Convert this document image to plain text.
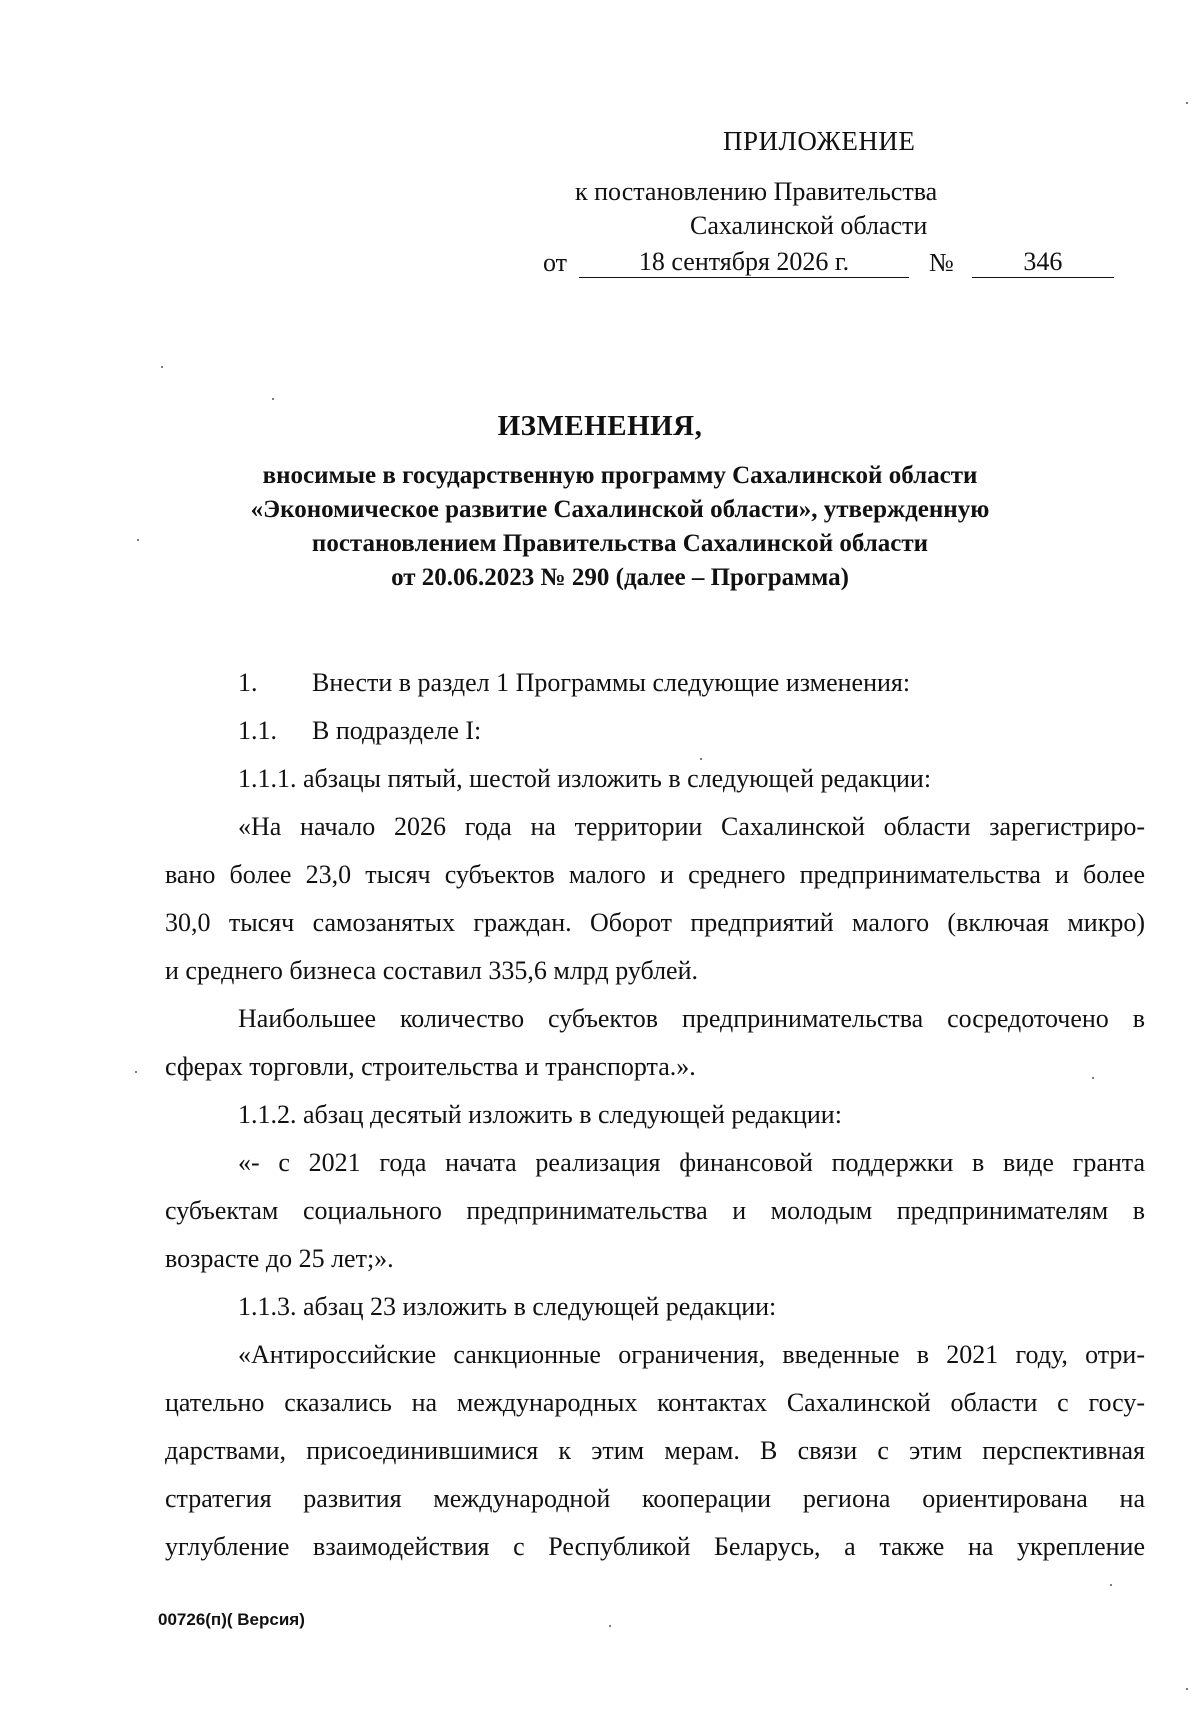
ПРИЛОЖЕНИЕ
к постановлению Правительства
Сахалинской области
от	18 сентября 2026 г.	№	346
ИЗМЕНЕНИЯ,
вносимые в государственную программу Сахалинской области
«Экономическое развитие Сахалинской области», утвержденную
постановлением Правительства Сахалинской области
от 20.06.2023 № 290 (далее – Программа)
1. Внести в раздел 1 Программы следующие изменения:
1.1. В подразделе I:
1.1.1. абзацы пятый, шестой изложить в следующей редакции:
«На начало 2026 года на территории Сахалинской области зарегистриро-
вано более 23,0 тысяч субъектов малого и среднего предпринимательства и более
30,0 тысяч самозанятых граждан. Оборот предприятий малого (включая микро)
и среднего бизнеса составил 335,6 млрд рублей.
Наибольшее количество субъектов предпринимательства сосредоточено в
сферах торговли, строительства и транспорта.».
1.1.2. абзац десятый изложить в следующей редакции:
«- с 2021 года начата реализация финансовой поддержки в виде гранта
субъектам социального предпринимательства и молодым предпринимателям в
возрасте до 25 лет;».
1.1.3. абзац 23 изложить в следующей редакции:
«Антироссийские санкционные ограничения, введенные в 2021 году, отри-
цательно сказались на международных контактах Сахалинской области с госу-
дарствами, присоединившимися к этим мерам. В связи с этим перспективная
стратегия развития международной кооперации региона ориентирована на
углубление взаимодействия с Республикой Беларусь, а также на укрепление
00726(п)( Версия)
